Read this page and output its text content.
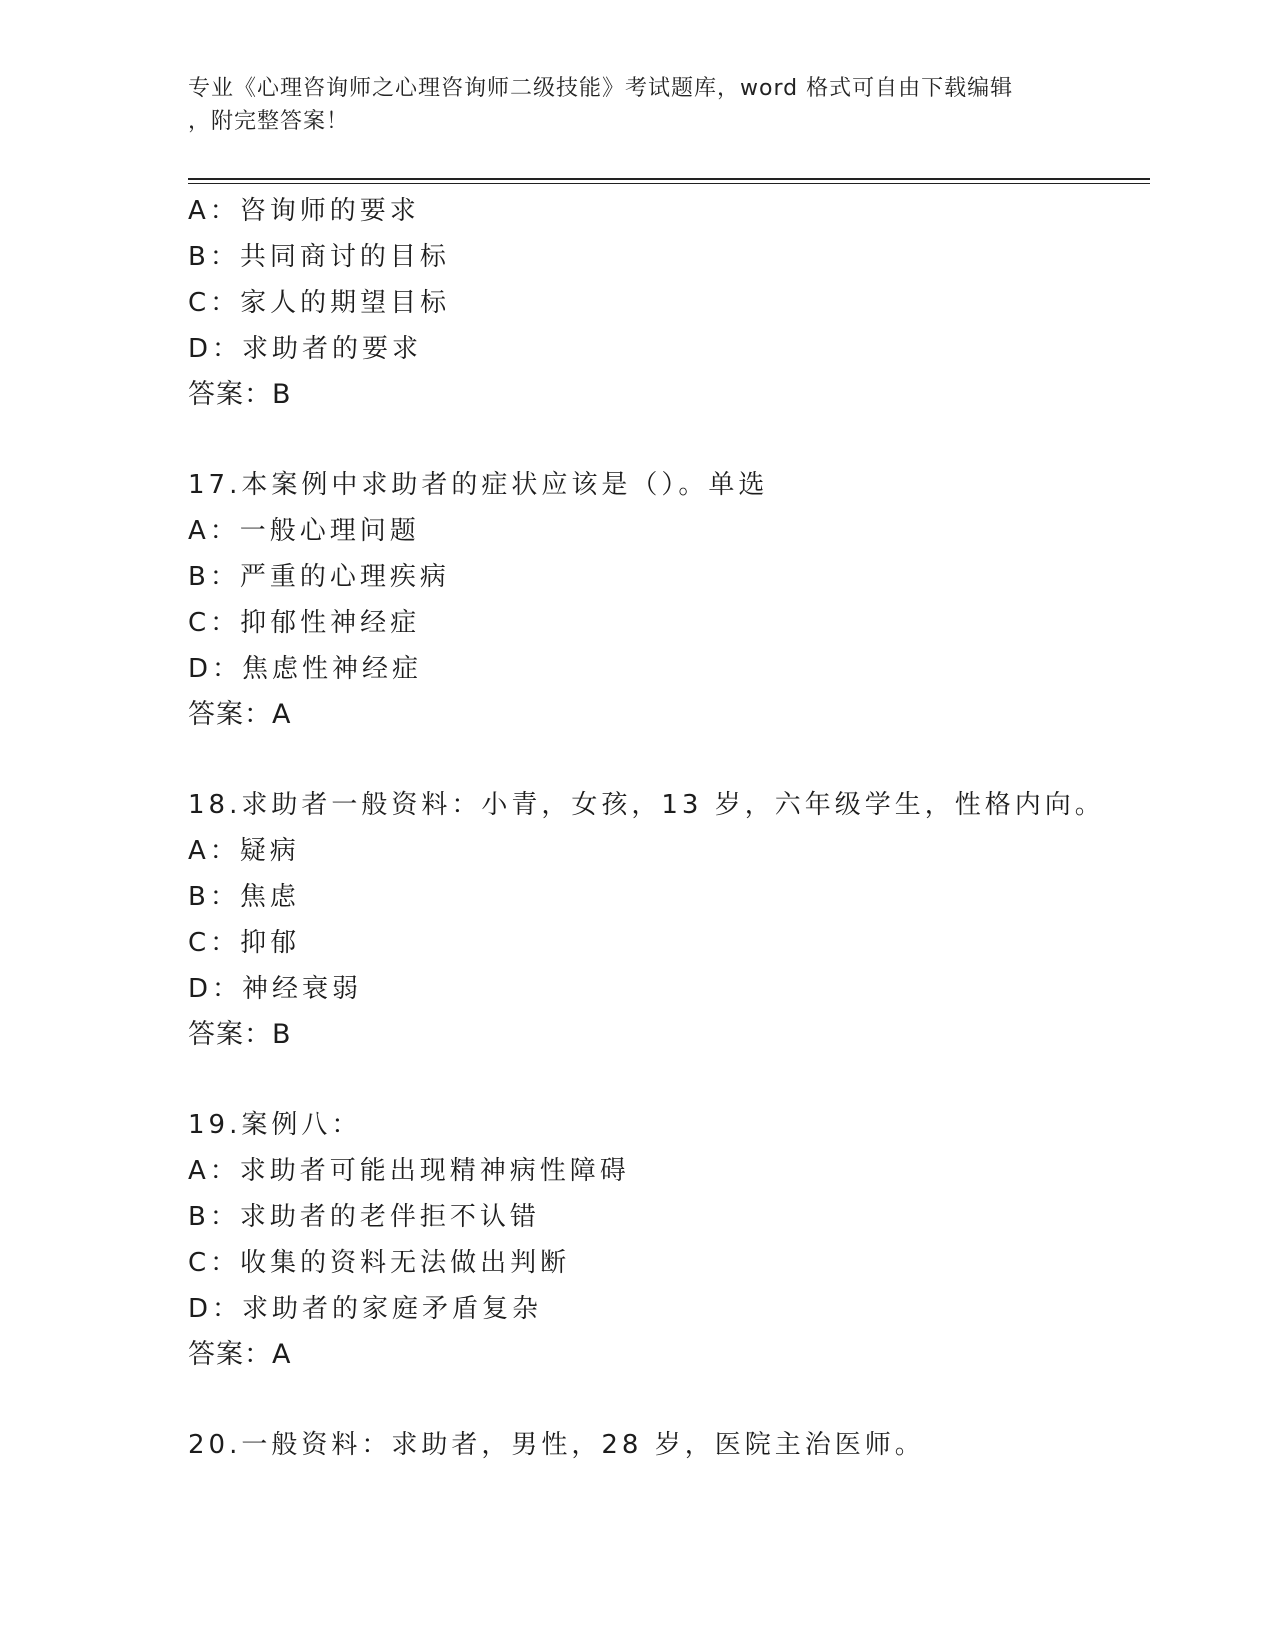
专业《心理咨询师之心理咨询师二级技能》考试题库，word 格式可自由下载编辑
，附完整答案！
A：咨询师的要求
B：共同商讨的目标
C：家人的期望目标
D：求助者的要求
答案：B
17.本案例中求助者的症状应该是（）。单选
A：一般心理问题
B：严重的心理疾病
C：抑郁性神经症
D：焦虑性神经症
答案：A
18.求助者一般资料：小青，女孩，13 岁，六年级学生，性格内向。
A：疑病
B：焦虑
C：抑郁
D：神经衰弱
答案：B
19.案例八：
A：求助者可能出现精神病性障碍
B：求助者的老伴拒不认错
C：收集的资料无法做出判断
D：求助者的家庭矛盾复杂
答案：A
20.一般资料：求助者，男性，28 岁，医院主治医师。
